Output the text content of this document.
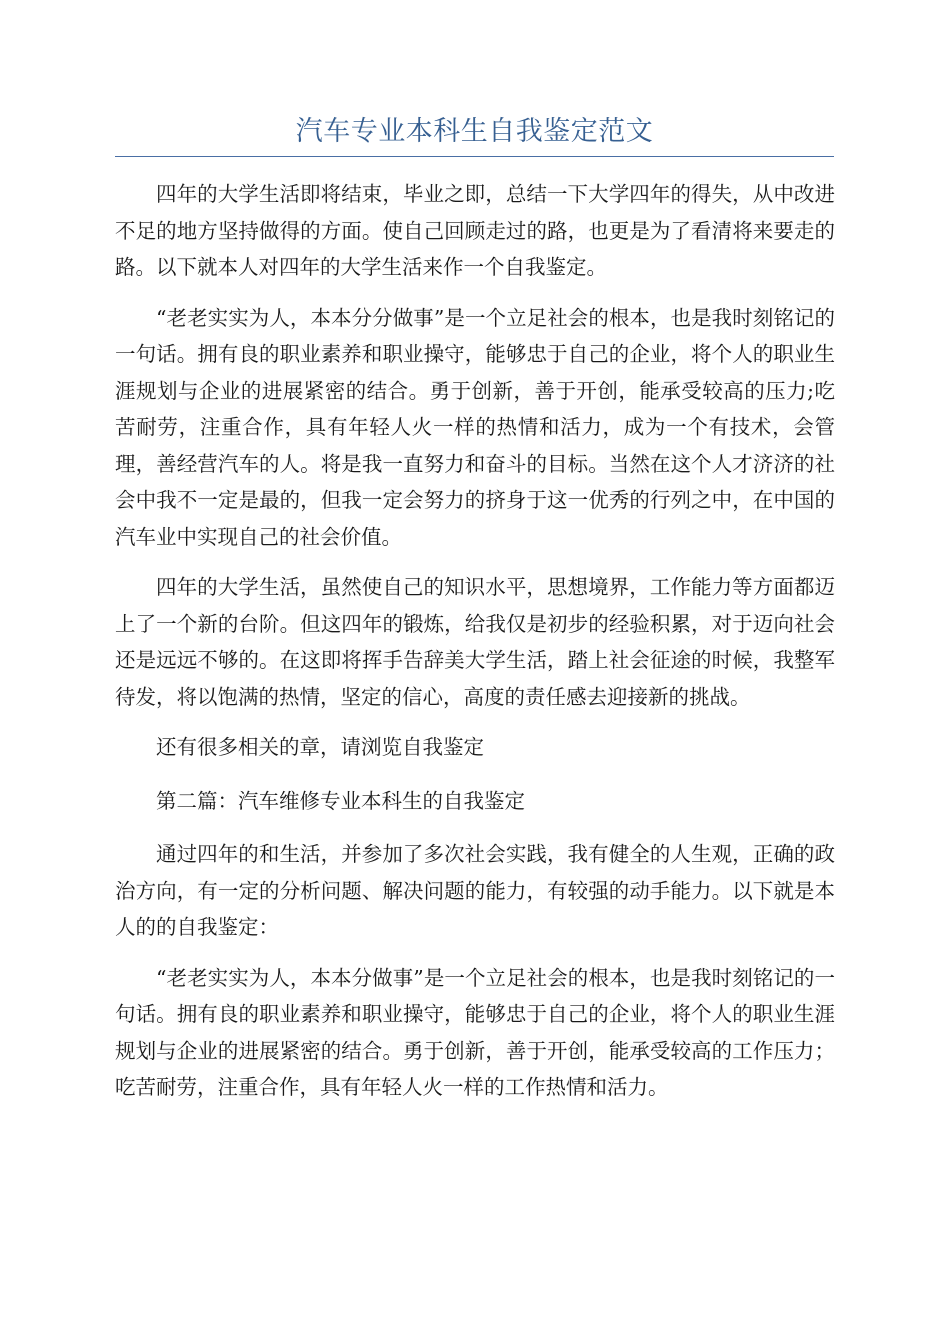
汽车专业本科生自我鉴定范文

四年的大学生活即将结束，毕业之即，总结一下大学四年的得失，从中改进不足的地方坚持做得的方面。使自己回顾走过的路，也更是为了看清将来要走的路。以下就本人对四年的大学生活来作一个自我鉴定。

“老老实实为人，本本分分做事”是一个立足社会的根本，也是我时刻铭记的一句话。拥有良的职业素养和职业操守，能够忠于自己的企业，将个人的职业生涯规划与企业的进展紧密的结合。勇于创新，善于开创，能承受较高的压力;吃苦耐劳，注重合作，具有年轻人火一样的热情和活力，成为一个有技术，会管理，善经营汽车的人。将是我一直努力和奋斗的目标。当然在这个人才济济的社会中我不一定是最的，但我一定会努力的挤身于这一优秀的行列之中，在中国的汽车业中实现自己的社会价值。

四年的大学生活，虽然使自己的知识水平，思想境界，工作能力等方面都迈上了一个新的台阶。但这四年的锻炼，给我仅是初步的经验积累，对于迈向社会还是远远不够的。在这即将挥手告辞美大学生活，踏上社会征途的时候，我整军待发，将以饱满的热情，坚定的信心，高度的责任感去迎接新的挑战。

还有很多相关的章，请浏览自我鉴定

第二篇：汽车维修专业本科生的自我鉴定

通过四年的和生活，并参加了多次社会实践，我有健全的人生观，正确的政治方向，有一定的分析问题、解决问题的能力，有较强的动手能力。以下就是本人的的自我鉴定：

“老老实实为人，本本分做事”是一个立足社会的根本，也是我时刻铭记的一句话。拥有良的职业素养和职业操守，能够忠于自己的企业，将个人的职业生涯规划与企业的进展紧密的结合。勇于创新，善于开创，能承受较高的工作压力；吃苦耐劳，注重合作，具有年轻人火一样的工作热情和活力。
